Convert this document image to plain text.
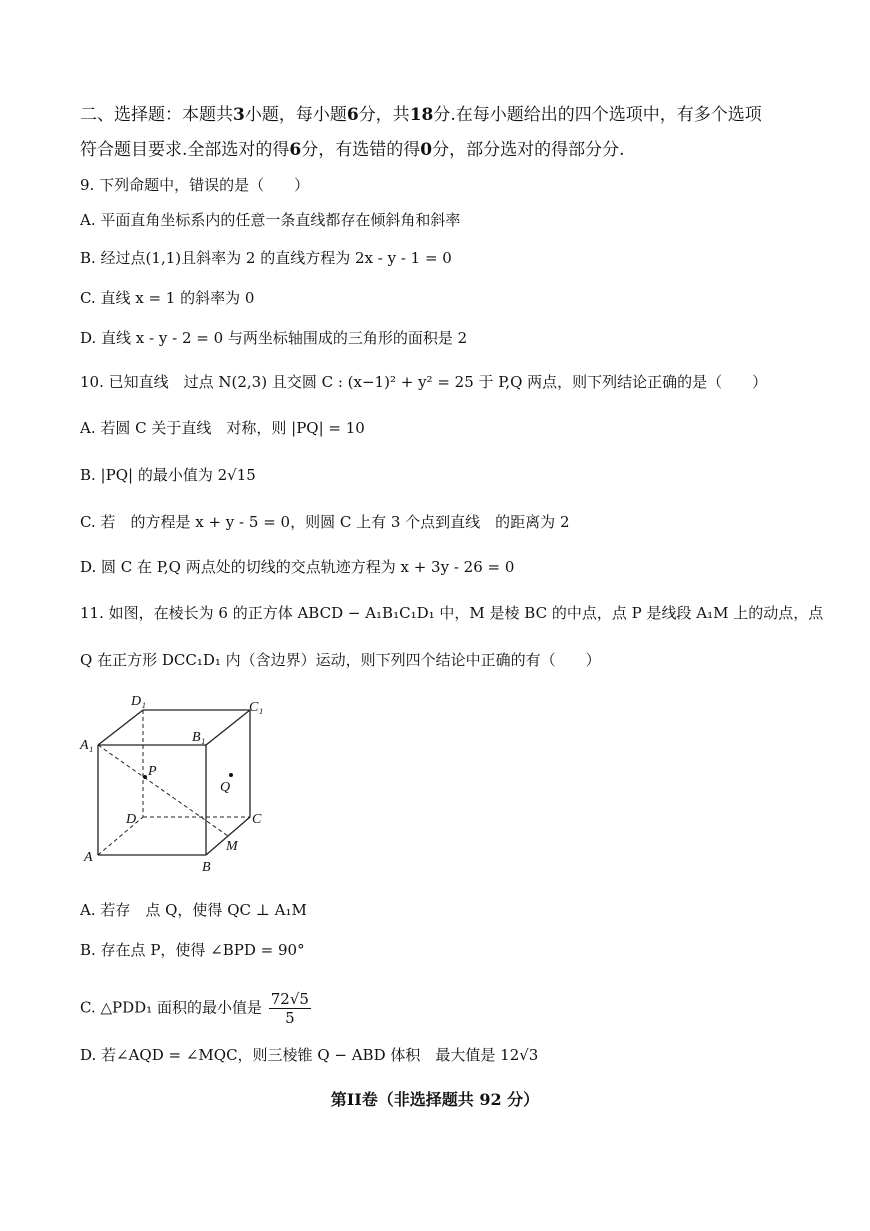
二、选择题：本题共3小题，每小题6分，共18分.在每小题给出的四个选项中，有多个选项
符合题目要求.全部选对的得6分，有选错的得0分，部分选对的得部分分.
9. 下列命题中，错误的是（　　）
A. 平面直角坐标系内的任意一条直线都存在倾斜角和斜率
B. 经过点(1,1)且斜率为 2 的直线方程为 2x - y - 1 = 0
C. 直线 x = 1 的斜率为 0
D. 直线 x - y - 2 = 0 与两坐标轴围成的三角形的面积是 2
10. 已知直线　过点 N(2,3) 且交圆 C : (x−1)² + y² = 25 于 P,Q 两点，则下列结论正确的是（　　）
A. 若圆 C 关于直线　对称，则 |PQ| = 10
B. |PQ| 的最小值为 2√15
C. 若　的方程是 x + y - 5 = 0，则圆 C 上有 3 个点到直线　的距离为 2
D. 圆 C 在 P,Q 两点处的切线的交点轨迹方程为 x + 3y - 26 = 0
11. 如图，在棱长为 6 的正方体 ABCD − A₁B₁C₁D₁ 中，M 是棱 BC 的中点，点 P 是线段 A₁M 上的动点，点
Q 在正方形 DCC₁D₁ 内（含边界）运动，则下列四个结论中正确的有（　　）
D₁	C₁
A₁
B₁
P
Q
D	C
A
B
M
A. 若存　点 Q，使得 QC ⊥ A₁M
B. 存在点 P，使得 ∠BPD = 90°
C. △PDD₁ 面积的最小值是 $\frac{72√5}{5}$
D. 若∠AQD = ∠MQC，则三棱锥 Q − ABD 体积　最大值是 12√3
第II卷（非选择题共 92 分）
